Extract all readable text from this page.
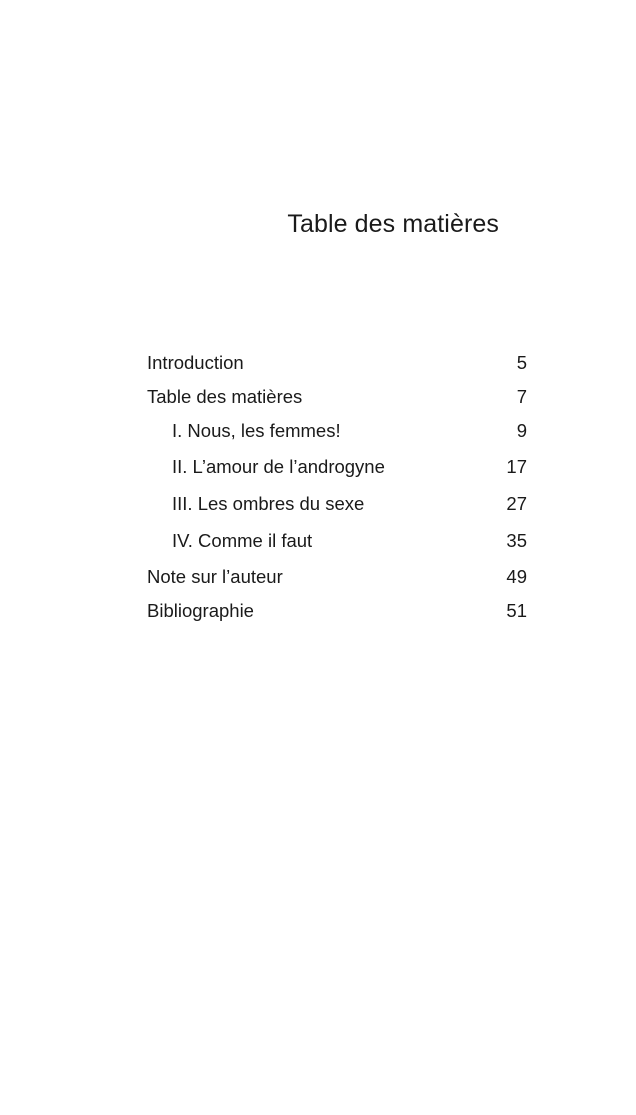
Table des matières
Introduction	5
Table des matières	7
I. Nous, les femmes!	9
II. L’amour de l’androgyne	17
III. Les ombres du sexe	27
IV. Comme il faut	35
Note sur l’auteur	49
Bibliographie	51
